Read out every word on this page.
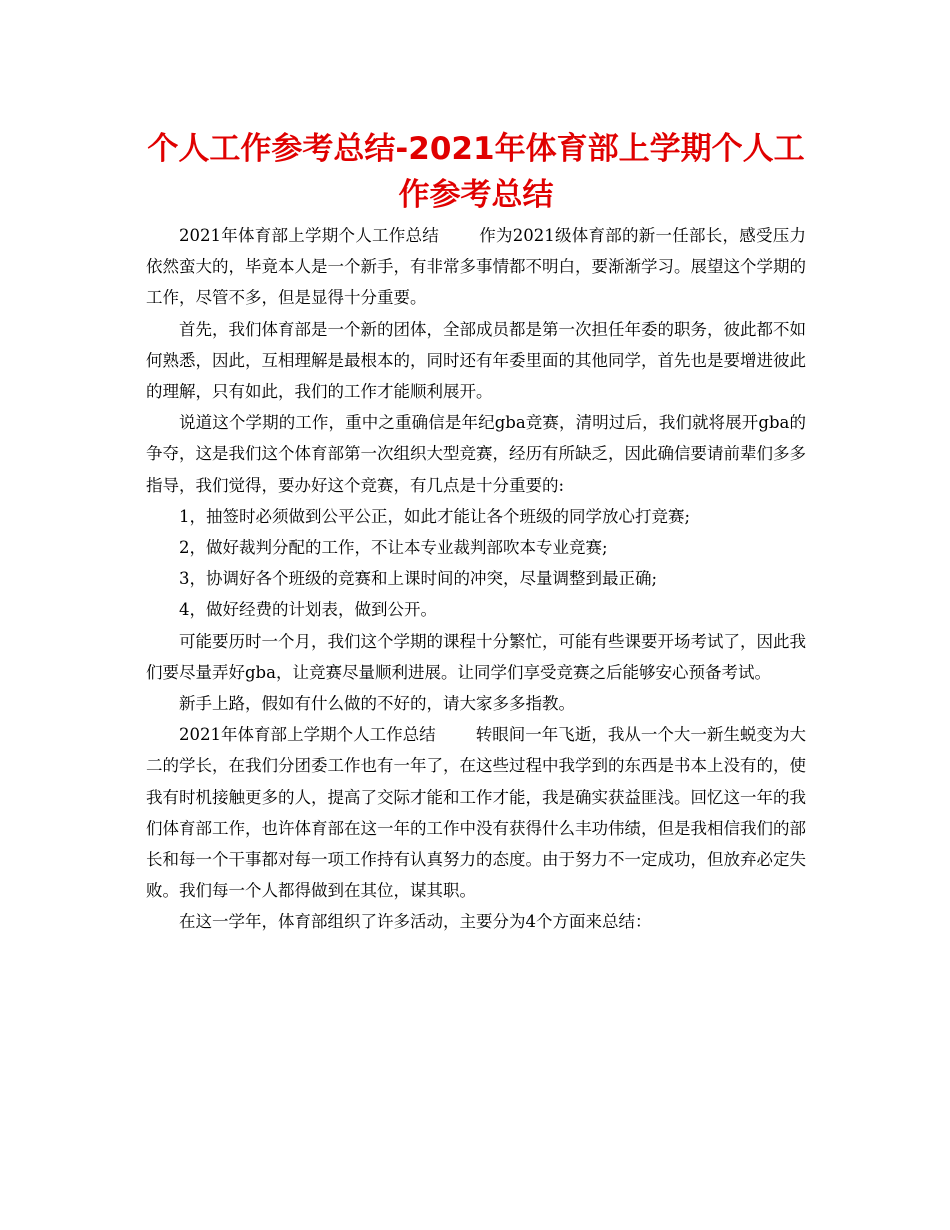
个人工作参考总结-2021年体育部上学期个人工作参考总结

2021年体育部上学期个人工作总结 作为2021级体育部的新一任部长，感受压力依然蛮大的，毕竟本人是一个新手，有非常多事情都不明白，要渐渐学习。展望这个学期的工作，尽管不多，但是显得十分重要。

首先，我们体育部是一个新的团体，全部成员都是第一次担任年委的职务，彼此都不如何熟悉，因此，互相理解是最根本的，同时还有年委里面的其他同学，首先也是要增进彼此的理解，只有如此，我们的工作才能顺利展开。

说道这个学期的工作，重中之重确信是年纪gba竞赛，清明过后，我们就将展开gba的争夺，这是我们这个体育部第一次组织大型竞赛，经历有所缺乏，因此确信要请前辈们多多指导，我们觉得，要办好这个竞赛，有几点是十分重要的:

1，抽签时必须做到公平公正，如此才能让各个班级的同学放心打竞赛;

2，做好裁判分配的工作，不让本专业裁判部吹本专业竞赛;

3，协调好各个班级的竞赛和上课时间的冲突，尽量调整到最正确;

4，做好经费的计划表，做到公开。

可能要历时一个月，我们这个学期的课程十分繁忙，可能有些课要开场考试了，因此我们要尽量弄好gba，让竞赛尽量顺利进展。让同学们享受竞赛之后能够安心预备考试。

新手上路，假如有什么做的不好的，请大家多多指教。

2021年体育部上学期个人工作总结 转眼间一年飞逝，我从一个大一新生蜕变为大二的学长，在我们分团委工作也有一年了，在这些过程中我学到的东西是书本上没有的，使我有时机接触更多的人，提高了交际才能和工作才能，我是确实获益匪浅。回忆这一年的我们体育部工作，也许体育部在这一年的工作中没有获得什么丰功伟绩，但是我相信我们的部长和每一个干事都对每一项工作持有认真努力的态度。由于努力不一定成功，但放弃必定失败。我们每一个人都得做到在其位，谋其职。

在这一学年，体育部组织了许多活动，主要分为4个方面来总结：
